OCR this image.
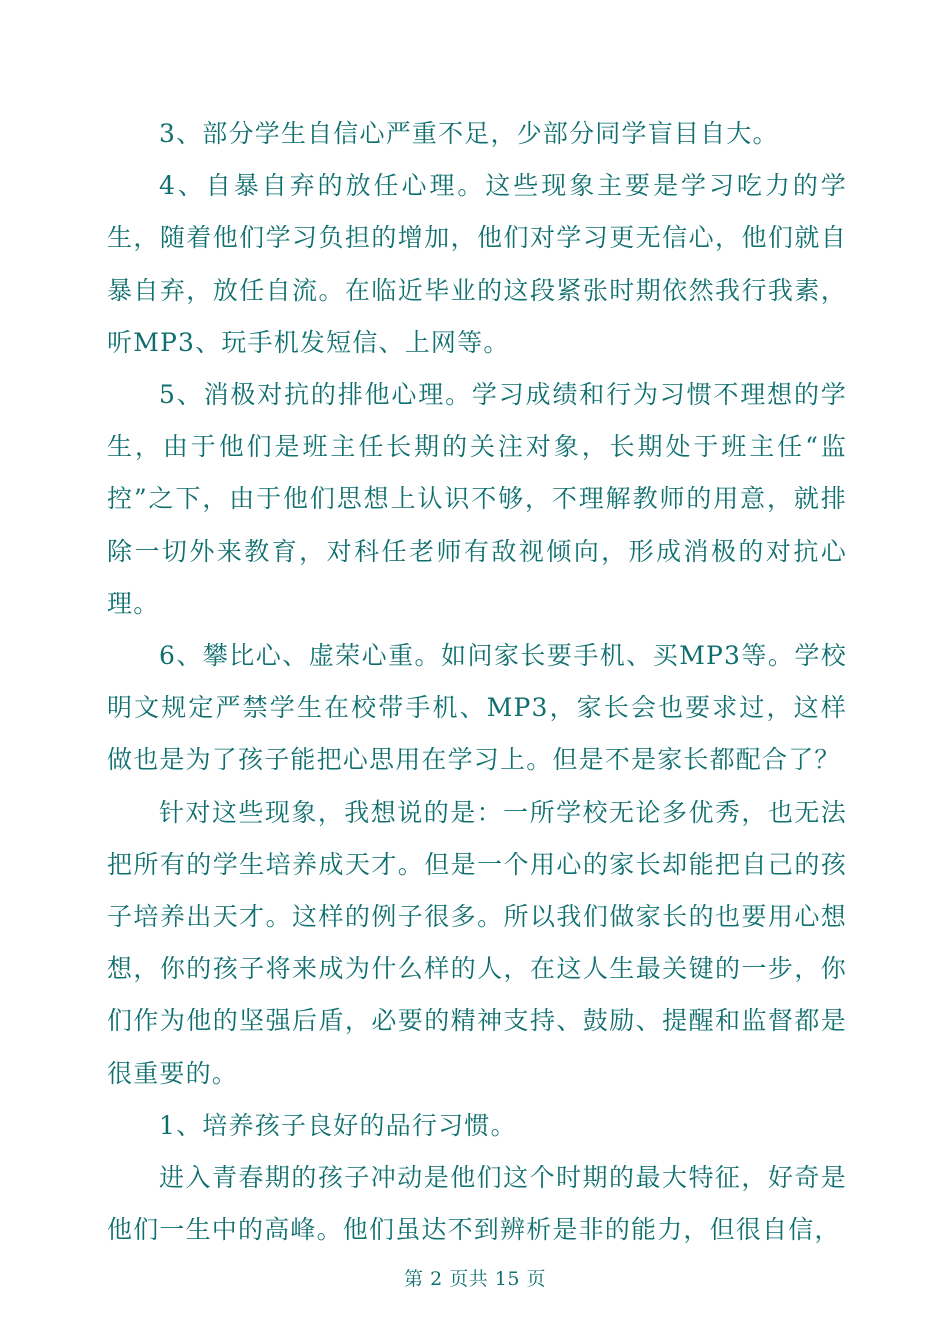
3、部分学生自信心严重不足，少部分同学盲目自大。

4、自暴自弃的放任心理。这些现象主要是学习吃力的学生，随着他们学习负担的增加，他们对学习更无信心，他们就自暴自弃，放任自流。在临近毕业的这段紧张时期依然我行我素，听MP3、玩手机发短信、上网等。

5、消极对抗的排他心理。学习成绩和行为习惯不理想的学生，由于他们是班主任长期的关注对象，长期处于班主任“监控”之下，由于他们思想上认识不够，不理解教师的用意，就排除一切外来教育，对科任老师有敌视倾向，形成消极的对抗心理。

6、攀比心、虚荣心重。如问家长要手机、买MP3等。学校明文规定严禁学生在校带手机、MP3，家长会也要求过，这样做也是为了孩子能把心思用在学习上。但是不是家长都配合了？

针对这些现象，我想说的是：一所学校无论多优秀，也无法把所有的学生培养成天才。但是一个用心的家长却能把自己的孩子培养出天才。这样的例子很多。所以我们做家长的也要用心想想，你的孩子将来成为什么样的人，在这人生最关键的一步，你们作为他的坚强后盾，必要的精神支持、鼓励、提醒和监督都是很重要的。

1、培养孩子良好的品行习惯。

进入青春期的孩子冲动是他们这个时期的最大特征，好奇是他们一生中的高峰。他们虽达不到辨析是非的能力，但很自信，

第 2 页共 15 页
